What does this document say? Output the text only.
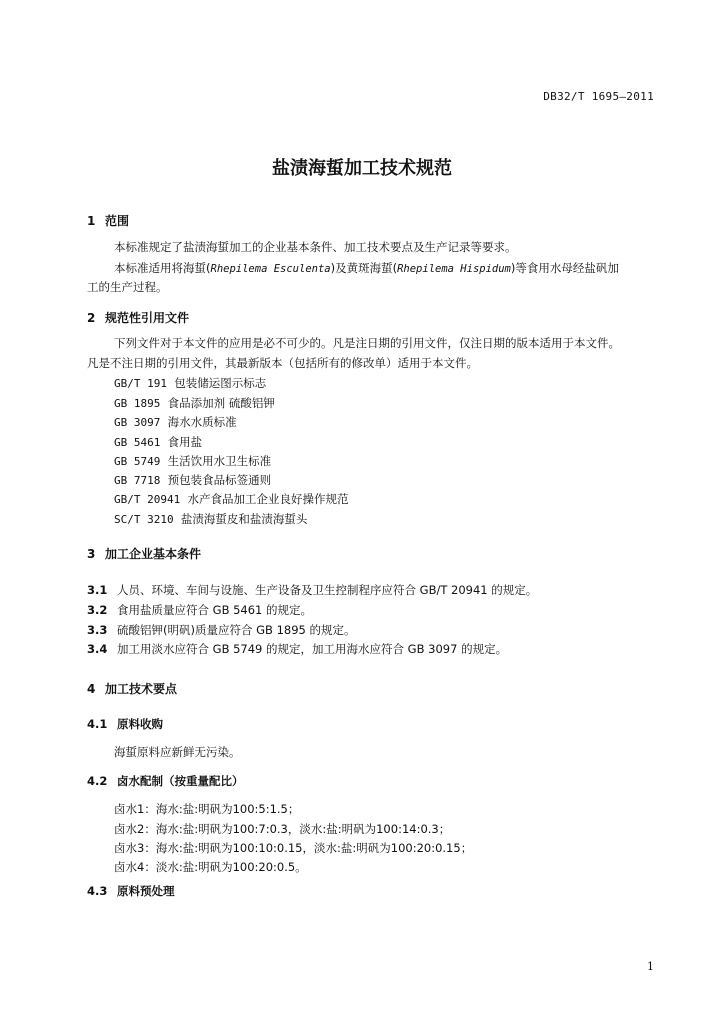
DB32/T 1695—2011
盐渍海蜇加工技术规范
1 范围
本标准规定了盐渍海蜇加工的企业基本条件、加工技术要点及生产记录等要求。
本标准适用将海蜇(Rhepilema Esculenta)及黄斑海蜇(Rhepilema Hispidum)等食用水母经盐矾加
工的生产过程。
2 规范性引用文件
下列文件对于本文件的应用是必不可少的。凡是注日期的引用文件，仅注日期的版本适用于本文件。
凡是不注日期的引用文件，其最新版本（包括所有的修改单）适用于本文件。
GB/T 191 包装储运图示标志
GB 1895 食品添加剂 硫酸铝钾
GB 3097 海水水质标准
GB 5461 食用盐
GB 5749 生活饮用水卫生标准
GB 7718 预包装食品标签通则
GB/T 20941 水产食品加工企业良好操作规范
SC/T 3210 盐渍海蜇皮和盐渍海蜇头
3 加工企业基本条件
3.1 人员、环境、车间与设施、生产设备及卫生控制程序应符合 GB/T 20941 的规定。
3.2 食用盐质量应符合 GB 5461 的规定。
3.3 硫酸铝钾(明矾)质量应符合 GB 1895 的规定。
3.4 加工用淡水应符合 GB 5749 的规定，加工用海水应符合 GB 3097 的规定。
4 加工技术要点
4.1 原料收购
海蜇原料应新鲜无污染。
4.2 卤水配制（按重量配比）
卤水1：海水:盐:明矾为100:5:1.5；
卤水2：海水:盐:明矾为100:7:0.3，淡水:盐:明矾为100:14:0.3；
卤水3：海水:盐:明矾为100:10:0.15，淡水:盐:明矾为100:20:0.15；
卤水4：淡水:盐:明矾为100:20:0.5。
4.3 原料预处理
1
